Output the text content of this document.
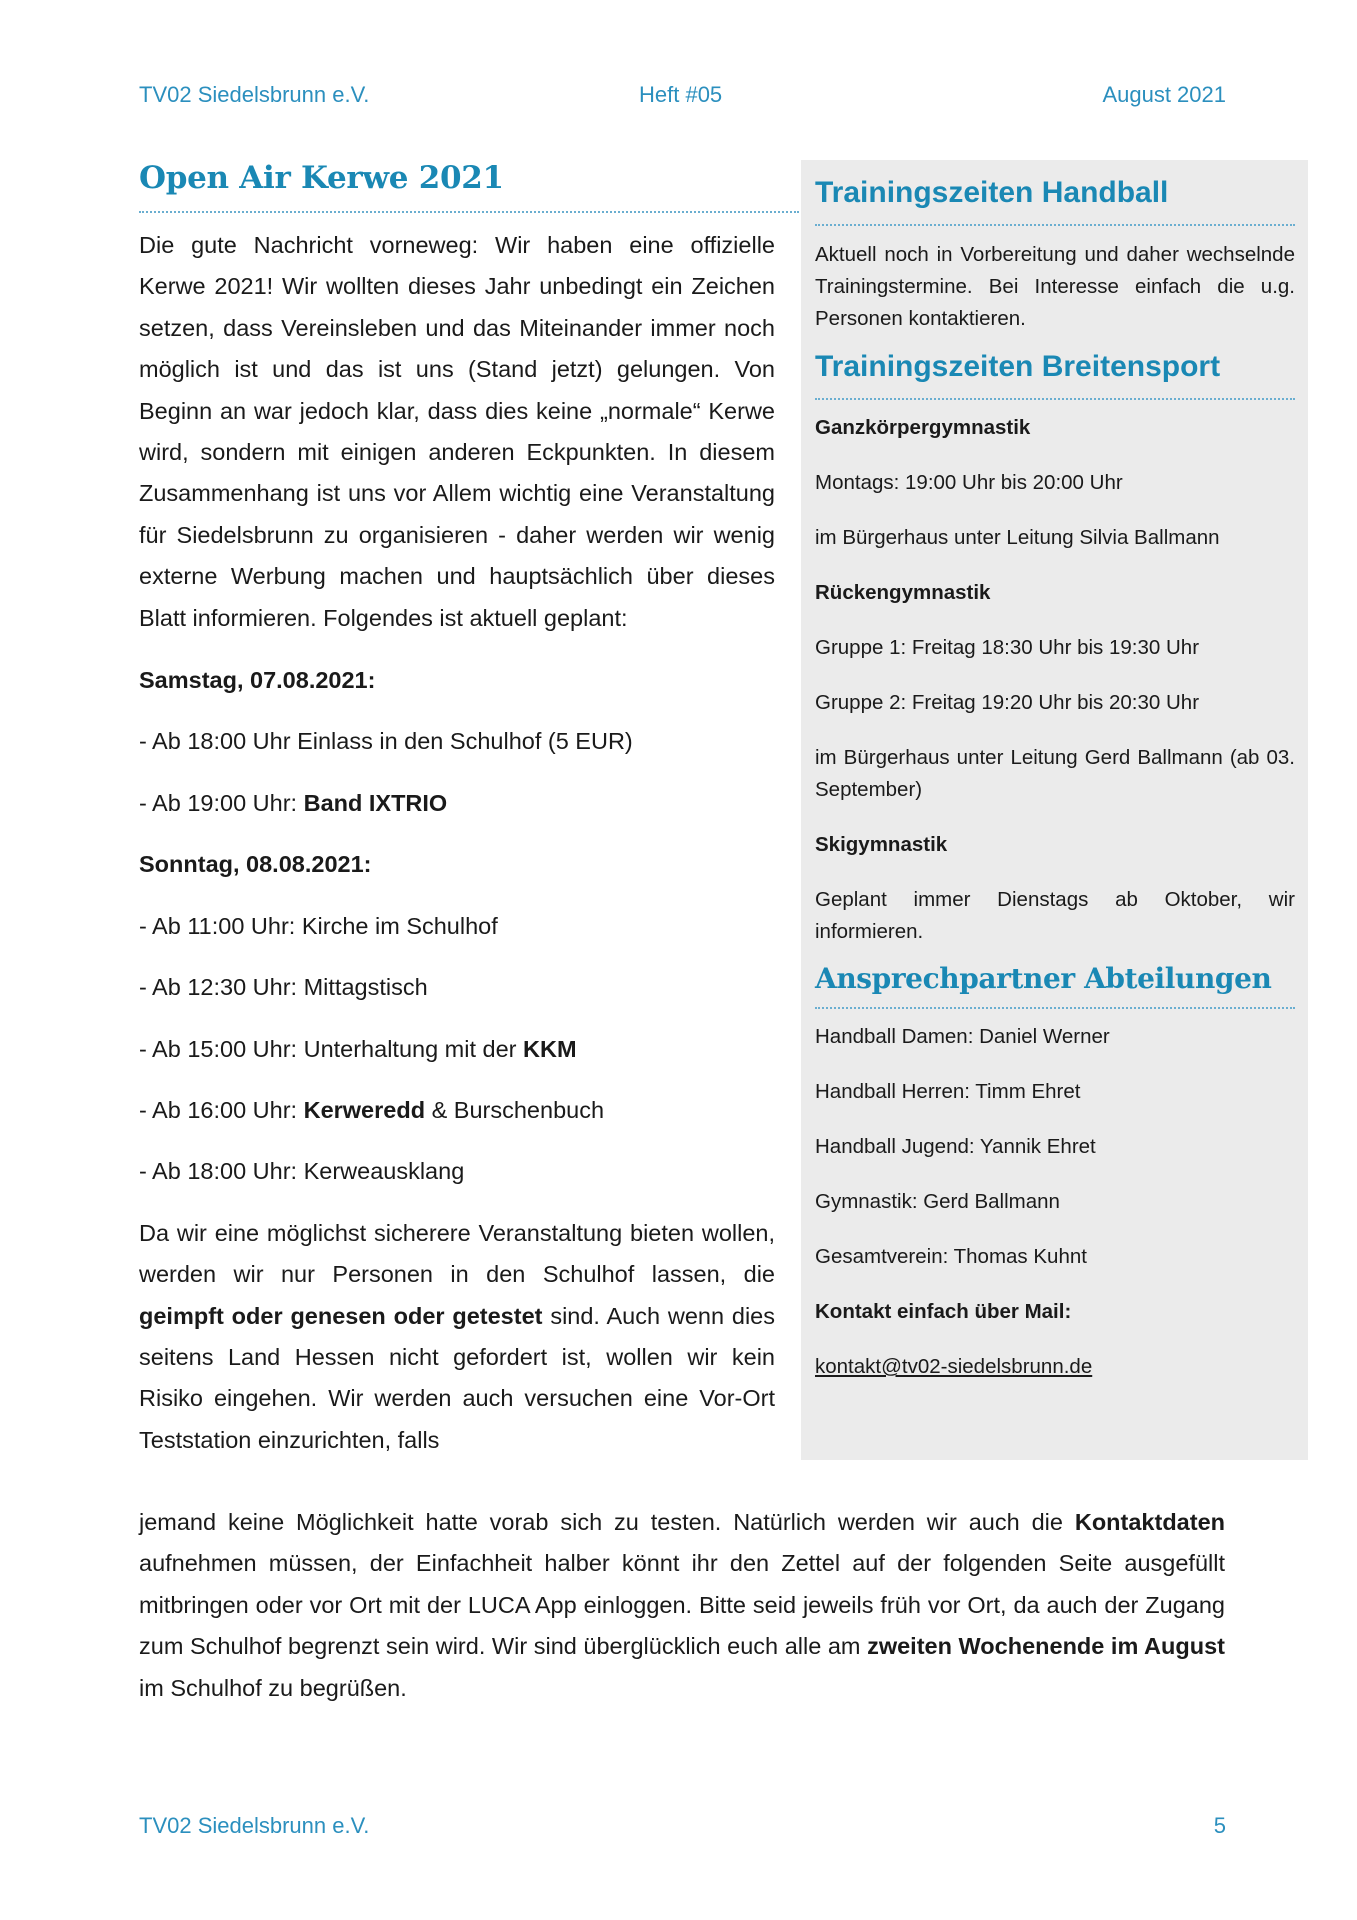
TV02 Siedelsbrunn e.V.	Heft #05	August 2021
Trainingszeiten Handball

Aktuell noch in Vorbereitung und daher wechselnde Trainingstermine. Bei Interesse einfach die u.g. Personen kontaktieren.

Trainingszeiten Breitensport

Ganzkörpergymnastik

Montags: 19:00 Uhr bis 20:00 Uhr

im Bürgerhaus unter Leitung Silvia Ballmann

Rückengymnastik

Gruppe 1: Freitag 18:30 Uhr bis 19:30 Uhr

Gruppe 2: Freitag 19:20 Uhr bis 20:30 Uhr

im Bürgerhaus unter Leitung Gerd Ballmann (ab 03. September)

Skigymnastik

Geplant immer Dienstags ab Oktober, wir informieren.

Ansprechpartner Abteilungen

Handball Damen: Daniel Werner

Handball Herren: Timm Ehret

Handball Jugend: Yannik Ehret

Gymnastik: Gerd Ballmann

Gesamtverein: Thomas Kuhnt

Kontakt einfach über Mail:

kontakt@tv02-siedelsbrunn.de

Open Air Kerwe 2021

Die gute Nachricht vorneweg: Wir haben eine offizielle Kerwe 2021! Wir wollten dieses Jahr unbedingt ein Zeichen setzen, dass Vereinsleben und das Miteinander immer noch möglich ist und das ist uns (Stand jetzt) gelungen. Von Beginn an war jedoch klar, dass dies keine „normale“ Kerwe wird, sondern mit einigen anderen Eckpunkten. In diesem Zusammenhang ist uns vor Allem wichtig eine Veranstaltung für Siedelsbrunn zu organisieren - daher werden wir wenig externe Werbung machen und hauptsächlich über dieses Blatt informieren. Folgendes ist aktuell geplant:

Samstag, 07.08.2021:

- Ab 18:00 Uhr Einlass in den Schulhof (5 EUR)

- Ab 19:00 Uhr: Band IXTRIO

Sonntag, 08.08.2021:

- Ab 11:00 Uhr: Kirche im Schulhof

- Ab 12:30 Uhr: Mittagstisch

- Ab 15:00 Uhr: Unterhaltung mit der KKM

- Ab 16:00 Uhr: Kerweredd & Burschenbuch

- Ab 18:00 Uhr: Kerweausklang

Da wir eine möglichst sicherere Veranstaltung bieten wollen, werden wir nur Personen in den Schulhof lassen, die geimpft oder genesen oder getestet sind. Auch wenn dies seitens Land Hessen nicht gefordert ist, wollen wir kein Risiko eingehen. Wir werden auch versuchen eine Vor-Ort Teststation einzurichten, falls

jemand keine Möglichkeit hatte vorab sich zu testen. Natürlich werden wir auch die Kontaktdaten aufnehmen müssen, der Einfachheit halber könnt ihr den Zettel auf der folgenden Seite ausgefüllt mitbringen oder vor Ort mit der LUCA App einloggen. Bitte seid jeweils früh vor Ort, da auch der Zugang zum Schulhof begrenzt sein wird. Wir sind überglücklich euch alle am zweiten Wochenende im August im Schulhof zu begrüßen.

TV02 Siedelsbrunn e.V.	5
